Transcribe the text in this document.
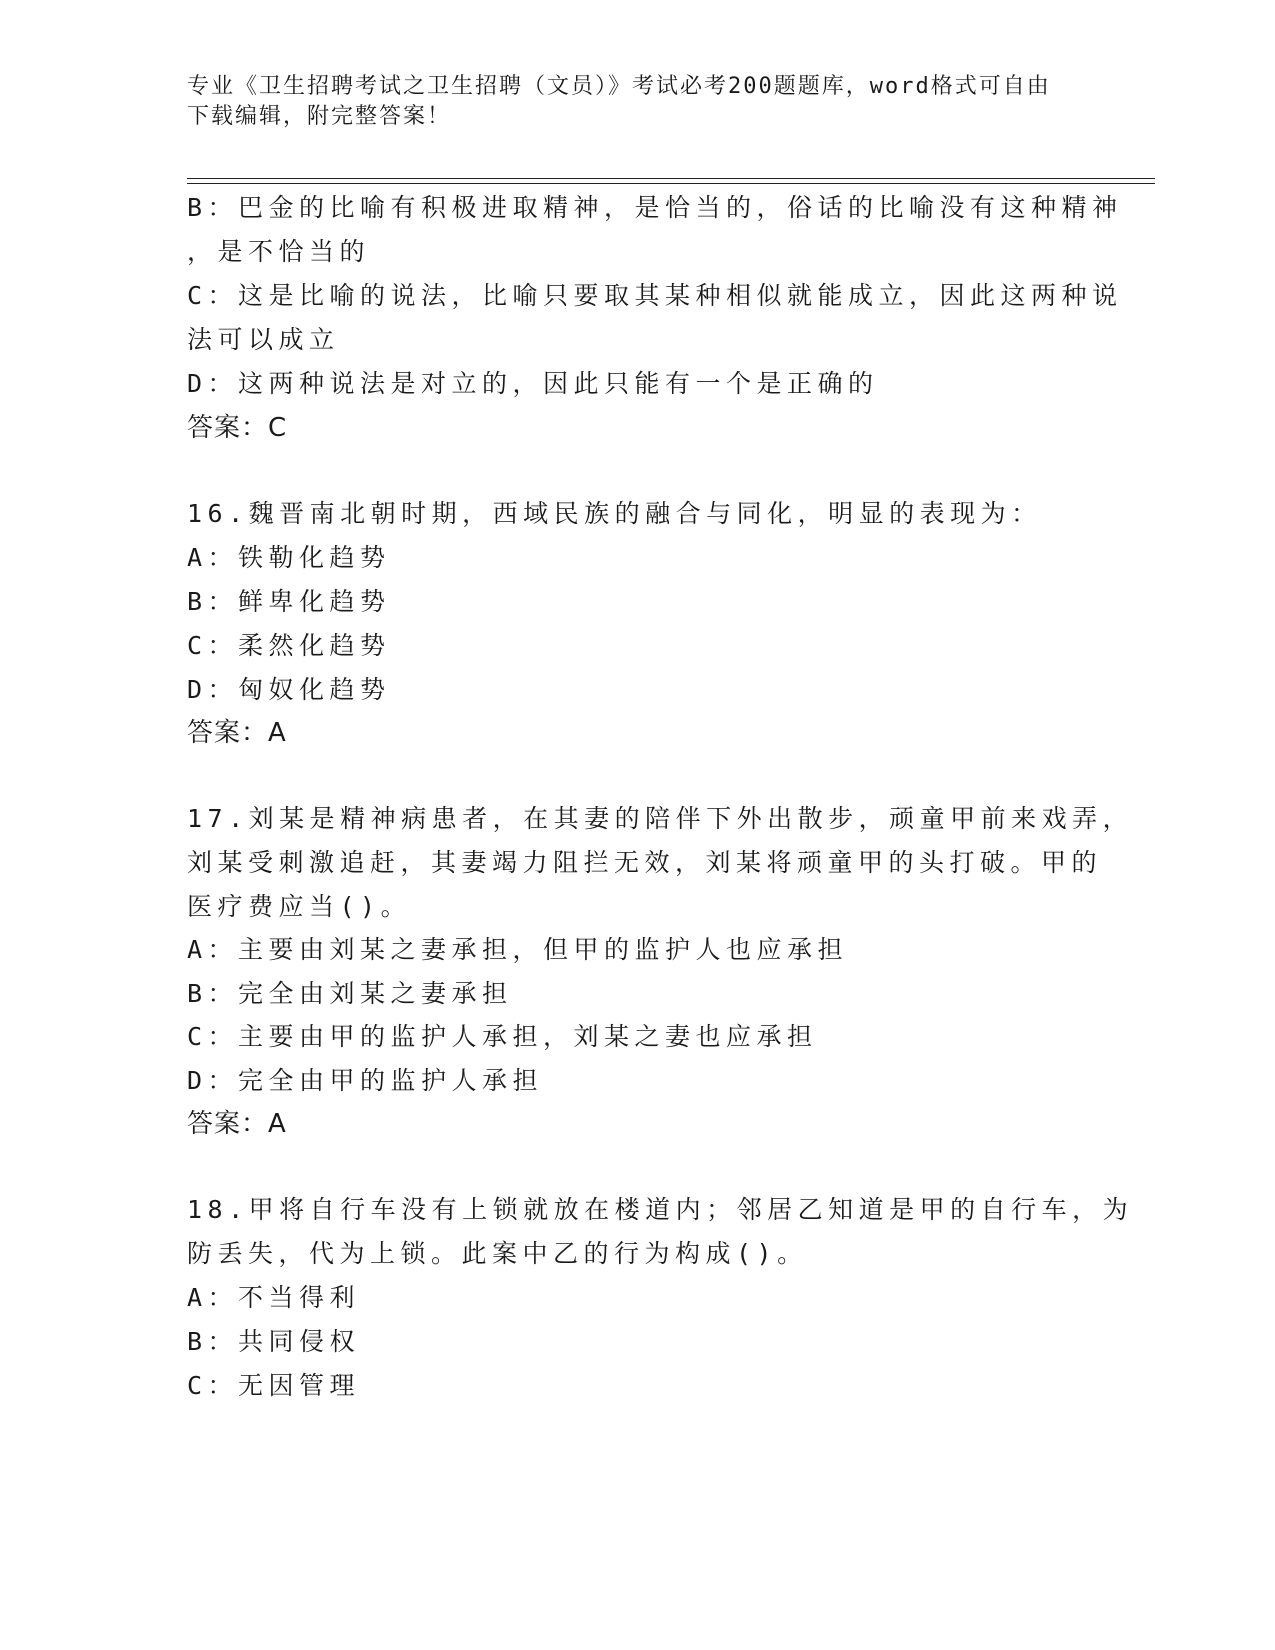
专业《卫生招聘考试之卫生招聘（文员）》考试必考200题题库，word格式可自由下载编辑，附完整答案！
B：巴金的比喻有积极进取精神，是恰当的，俗话的比喻没有这种精神
，是不恰当的
C：这是比喻的说法，比喻只要取其某种相似就能成立，因此这两种说
法可以成立
D：这两种说法是对立的，因此只能有一个是正确的
答案：C
16.魏晋南北朝时期，西域民族的融合与同化，明显的表现为：
A：铁勒化趋势
B：鲜卑化趋势
C：柔然化趋势
D：匈奴化趋势
答案：A
17.刘某是精神病患者，在其妻的陪伴下外出散步，顽童甲前来戏弄，
刘某受刺激追赶，其妻竭力阻拦无效，刘某将顽童甲的头打破。甲的
医疗费应当()。
A：主要由刘某之妻承担，但甲的监护人也应承担
B：完全由刘某之妻承担
C：主要由甲的监护人承担，刘某之妻也应承担
D：完全由甲的监护人承担
答案：A
18.甲将自行车没有上锁就放在楼道内；邻居乙知道是甲的自行车，为
防丢失，代为上锁。此案中乙的行为构成()。
A：不当得利
B：共同侵权
C：无因管理
